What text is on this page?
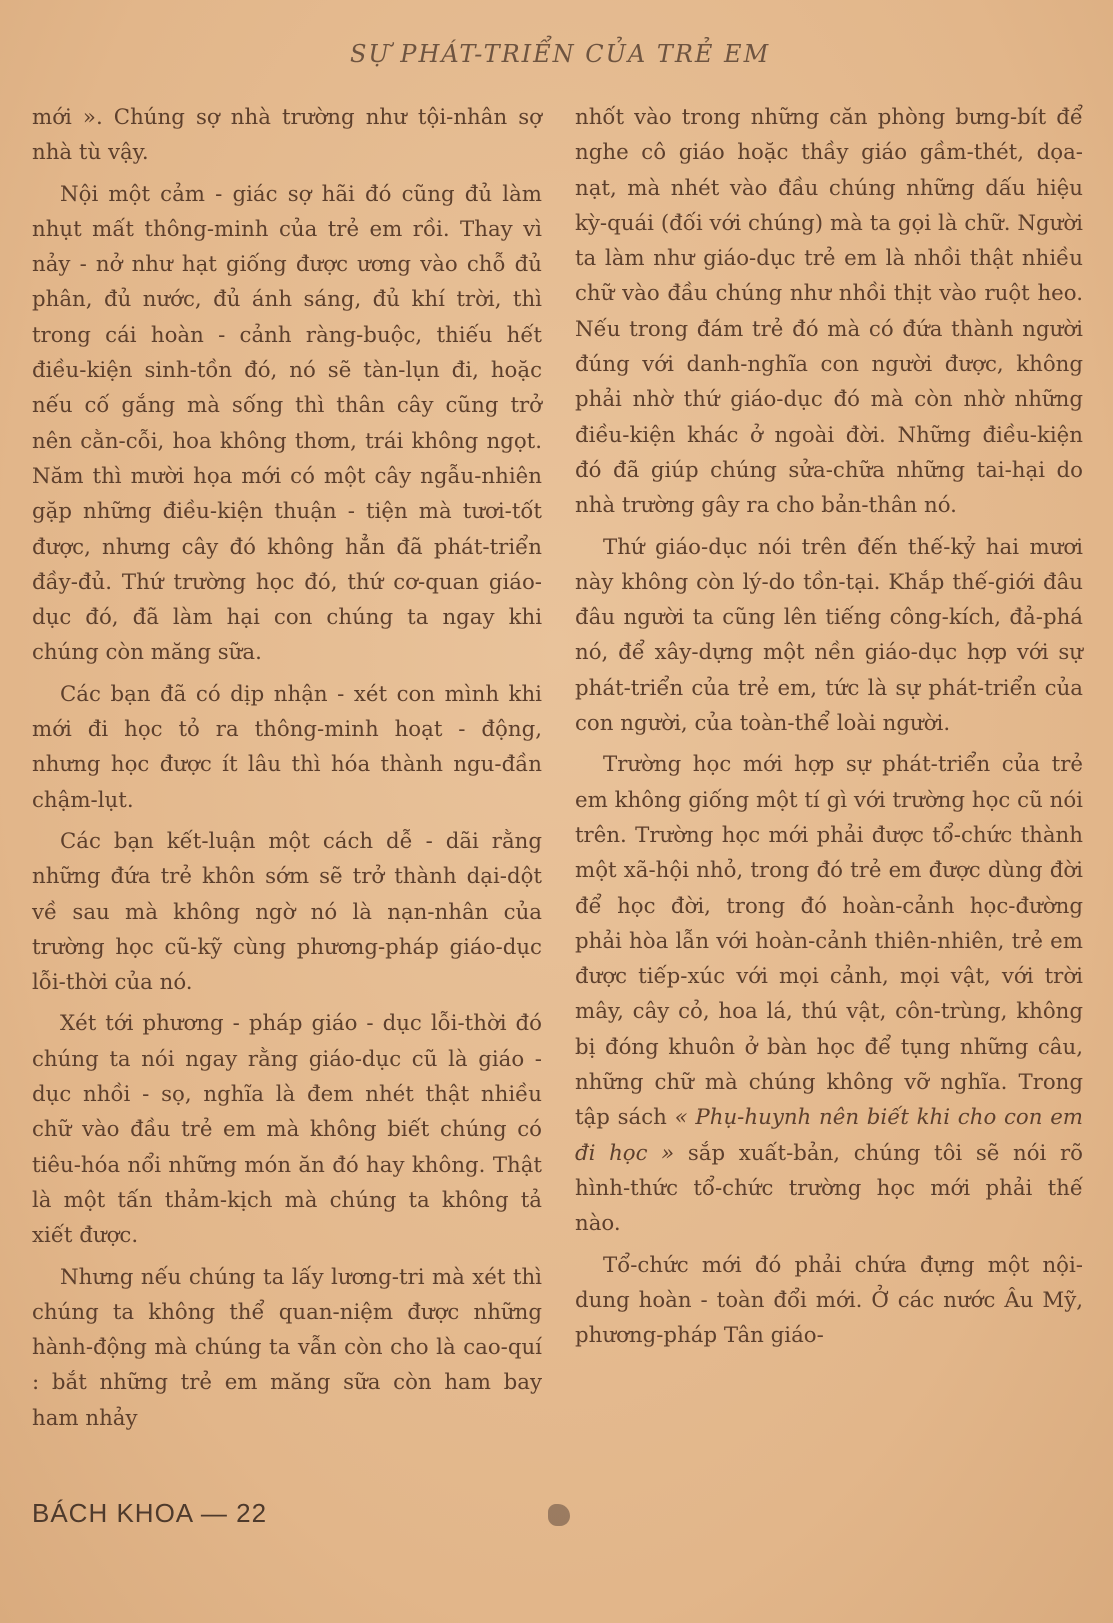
SỰ PHÁT-TRIỂN CỦA TRẺ EM

mới ». Chúng sợ nhà trường như tội-nhân sợ nhà tù vậy.

Nội một cảm - giác sợ hãi đó cũng đủ làm nhụt mất thông-minh của trẻ em rồi. Thay vì nảy - nở như hạt giống được ương vào chỗ đủ phân, đủ nước, đủ ánh sáng, đủ khí trời, thì trong cái hoàn - cảnh ràng-buộc, thiếu hết điều-kiện sinh-tồn đó, nó sẽ tàn-lụn đi, hoặc nếu cố gắng mà sống thì thân cây cũng trở nên cằn-cỗi, hoa không thơm, trái không ngọt. Năm thì mười họa mới có một cây ngẫu-nhiên gặp những điều-kiện thuận - tiện mà tươi-tốt được, nhưng cây đó không hẳn đã phát-triển đầy-đủ. Thứ trường học đó, thứ cơ-quan giáo-dục đó, đã làm hại con chúng ta ngay khi chúng còn măng sữa.

Các bạn đã có dịp nhận - xét con mình khi mới đi học tỏ ra thông-minh hoạt - động, nhưng học được ít lâu thì hóa thành ngu-đần chậm-lụt.

Các bạn kết-luận một cách dễ - dãi rằng những đứa trẻ khôn sớm sẽ trở thành dại-dột về sau mà không ngờ nó là nạn-nhân của trường học cũ-kỹ cùng phương-pháp giáo-dục lỗi-thời của nó.

Xét tới phương - pháp giáo - dục lỗi-thời đó chúng ta nói ngay rằng giáo-dục cũ là giáo - dục nhồi - sọ, nghĩa là đem nhét thật nhiều chữ vào đầu trẻ em mà không biết chúng có tiêu-hóa nổi những món ăn đó hay không. Thật là một tấn thảm-kịch mà chúng ta không tả xiết được.

Nhưng nếu chúng ta lấy lương-tri mà xét thì chúng ta không thể quan-niệm được những hành-động mà chúng ta vẫn còn cho là cao-quí : bắt những trẻ em măng sữa còn ham bay ham nhảy

nhốt vào trong những căn phòng bưng-bít để nghe cô giáo hoặc thầy giáo gầm-thét, dọa-nạt, mà nhét vào đầu chúng những dấu hiệu kỳ-quái (đối với chúng) mà ta gọi là chữ. Người ta làm như giáo-dục trẻ em là nhồi thật nhiều chữ vào đầu chúng như nhồi thịt vào ruột heo. Nếu trong đám trẻ đó mà có đứa thành người đúng với danh-nghĩa con người được, không phải nhờ thứ giáo-dục đó mà còn nhờ những điều-kiện khác ở ngoài đời. Những điều-kiện đó đã giúp chúng sửa-chữa những tai-hại do nhà trường gây ra cho bản-thân nó.

Thứ giáo-dục nói trên đến thế-kỷ hai mươi này không còn lý-do tồn-tại. Khắp thế-giới đâu đâu người ta cũng lên tiếng công-kích, đả-phá nó, để xây-dựng một nền giáo-dục hợp với sự phát-triển của trẻ em, tức là sự phát-triển của con người, của toàn-thể loài người.

Trường học mới hợp sự phát-triển của trẻ em không giống một tí gì với trường học cũ nói trên. Trường học mới phải được tổ-chức thành một xã-hội nhỏ, trong đó trẻ em được dùng đời để học đời, trong đó hoàn-cảnh học-đường phải hòa lẫn với hoàn-cảnh thiên-nhiên, trẻ em được tiếp-xúc với mọi cảnh, mọi vật, với trời mây, cây cỏ, hoa lá, thú vật, côn-trùng, không bị đóng khuôn ở bàn học để tụng những câu, những chữ mà chúng không vỡ nghĩa. Trong tập sách « Phụ-huynh nên biết khi cho con em đi học » sắp xuất-bản, chúng tôi sẽ nói rõ hình-thức tổ-chức trường học mới phải thế nào.

Tổ-chức mới đó phải chứa đựng một nội-dung hoàn - toàn đổi mới. Ở các nước Âu Mỹ, phương-pháp Tân giáo-

BÁCH KHOA — 22
